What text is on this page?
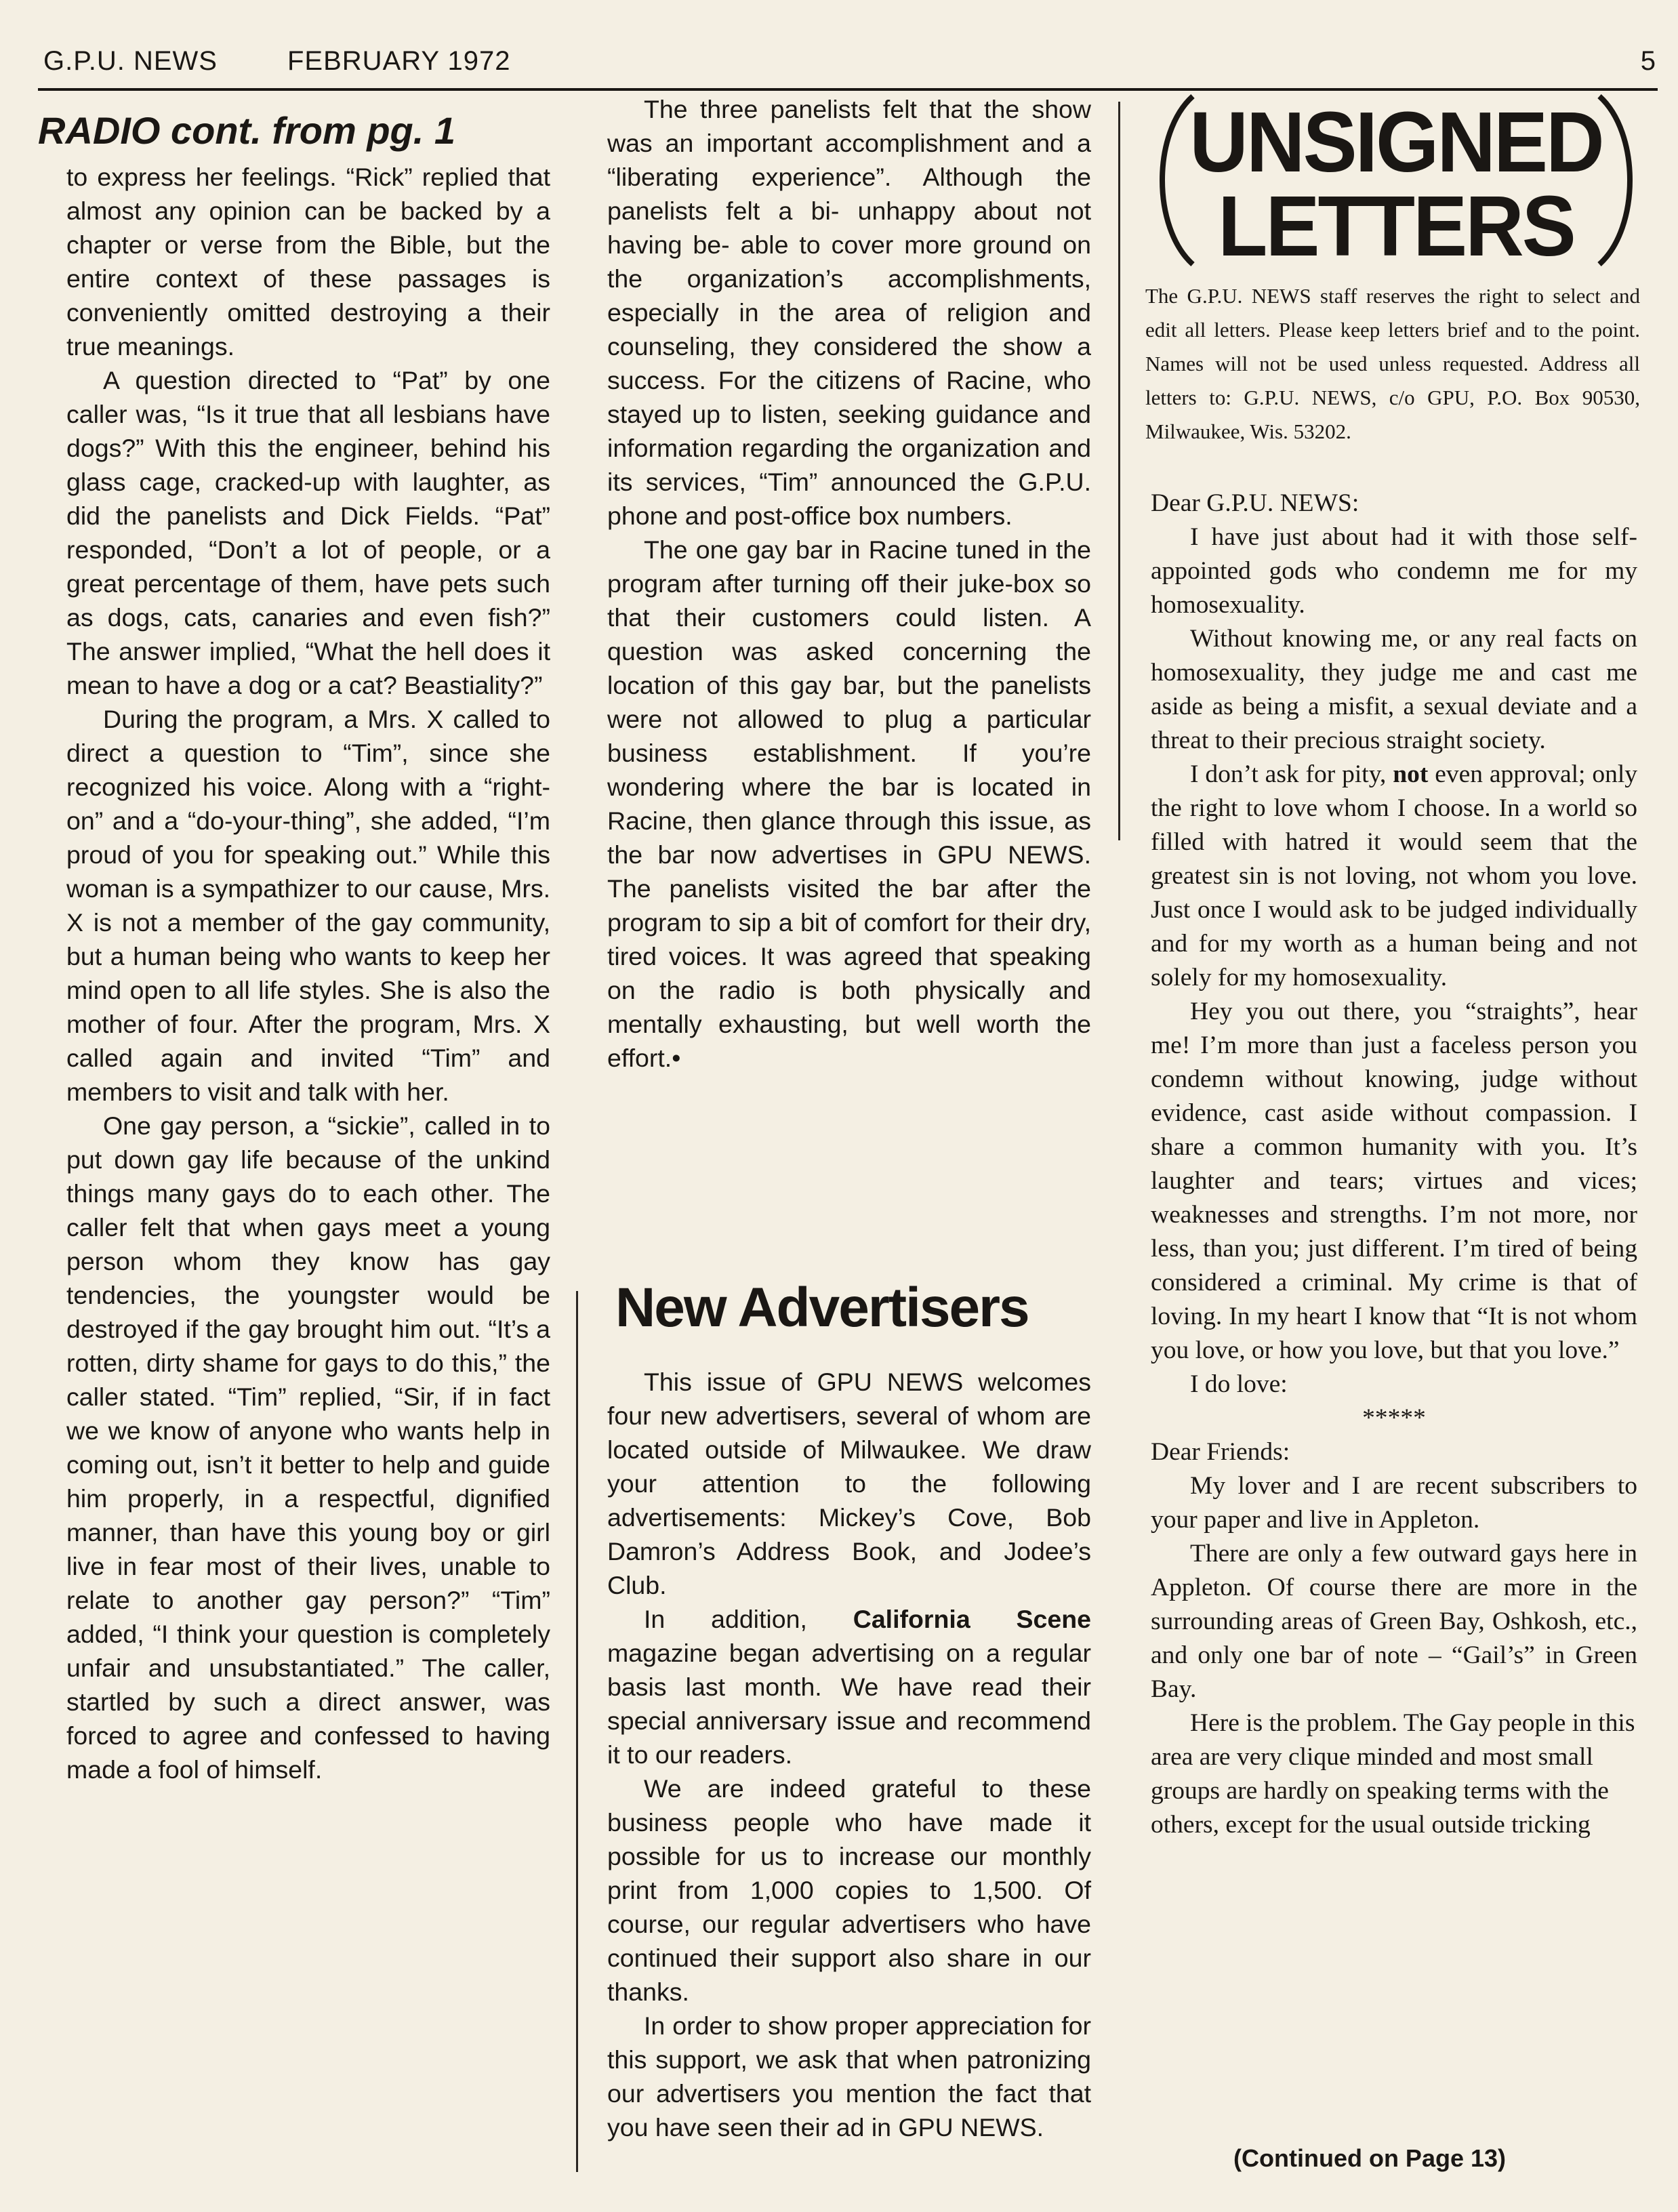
G.P.U. NEWS	FEBRUARY 1972	5
RADIO cont. from pg. 1

to express her feelings. “Rick” replied that almost any opinion can be backed by a chapter or verse from the Bible, but the entire context of these passages is conveniently omitted destroying a their true meanings.

A question directed to “Pat” by one caller was, “Is it true that all lesbians have dogs?” With this the engineer, behind his glass cage, cracked-up with laughter, as did the panelists and Dick Fields. “Pat” responded, “Don’t a lot of people, or a great percentage of them, have pets such as dogs, cats, canaries and even fish?” The answer implied, “What the hell does it mean to have a dog or a cat? Beastiality?”

During the program, a Mrs. X called to direct a question to “Tim”, since she recognized his voice. Along with a “right-on” and a “do-your-thing”, she added, “I’m proud of you for speaking out.” While this woman is a sympathizer to our cause, Mrs. X is not a member of the gay community, but a human being who wants to keep her mind open to all life styles. She is also the mother of four. After the program, Mrs. X called again and invited “Tim” and members to visit and talk with her.

One gay person, a “sickie”, called in to put down gay life because of the unkind things many gays do to each other. The caller felt that when gays meet a young person whom they know has gay tendencies, the youngster would be destroyed if the gay brought him out. “It’s a rotten, dirty shame for gays to do this,” the caller stated. “Tim” replied, “Sir, if in fact we we know of anyone who wants help in coming out, isn’t it better to help and guide him properly, in a respectful, dignified manner, than have this young boy or girl live in fear most of their lives, unable to relate to another gay person?” “Tim” added, “I think your question is completely unfair and unsubstantiated.” The caller, startled by such a direct answer, was forced to agree and confessed to having made a fool of himself.

The three panelists felt that the show was an important accomplishment and a “liberating experience”. Although the panelists felt a bi- unhappy about not having be- able to cover more ground on the organization’s accomplishments, especially in the area of religion and counseling, they considered the show a success. For the citizens of Racine, who stayed up to listen, seeking guidance and information regarding the organization and its services, “Tim” announced the G.P.U. phone and post-office box numbers.

The one gay bar in Racine tuned in the program after turning off their juke-box so that their customers could listen. A question was asked concerning the location of this gay bar, but the panelists were not allowed to plug a particular business establishment. If you’re wondering where the bar is located in Racine, then glance through this issue, as the bar now advertises in GPU NEWS. The panelists visited the bar after the program to sip a bit of comfort for their dry, tired voices. It was agreed that speaking on the radio is both physically and mentally exhausting, but well worth the effort.•

New Advertisers

This issue of GPU NEWS welcomes four new advertisers, several of whom are located outside of Milwaukee. We draw your attention to the following advertisements: Mickey’s Cove, Bob Damron’s Address Book, and Jodee’s Club.

In addition, California Scene magazine began advertising on a regular basis last month. We have read their special anniversary issue and recommend it to our readers.

We are indeed grateful to these business people who have made it possible for us to increase our monthly print from 1,000 copies to 1,500. Of course, our regular advertisers who have continued their support also share in our thanks.

In order to show proper appreciation for this support, we ask that when patronizing our advertisers you mention the fact that you have seen their ad in GPU NEWS.

UNSIGNED
LETTERS
The G.P.U. NEWS staff reserves the right to select and edit all letters. Please keep letters brief and to the point. Names will not be used unless requested. Address all letters to: G.P.U. NEWS, c/o GPU, P.O. Box 90530, Milwaukee, Wis. 53202.

Dear G.P.U. NEWS:

I have just about had it with those self-appointed gods who condemn me for my homosexuality.

Without knowing me, or any real facts on homosexuality, they judge me and cast me aside as being a misfit, a sexual deviate and a threat to their precious straight society.

I don’t ask for pity, not even approval; only the right to love whom I choose. In a world so filled with hatred it would seem that the greatest sin is not loving, not whom you love. Just once I would ask to be judged individually and for my worth as a human being and not solely for my homosexuality.

Hey you out there, you “straights”, hear me! I’m more than just a faceless person you condemn without knowing, judge without evidence, cast aside without compassion. I share a common humanity with you. It’s laughter and tears; virtues and vices; weaknesses and strengths. I’m not more, nor less, than you; just different. I’m tired of being considered a criminal. My crime is that of loving. In my heart I know that “It is not whom you love, or how you love, but that you love.”

I do love:

*****

Dear Friends:

My lover and I are recent subscribers to your paper and live in Appleton.

There are only a few outward gays here in Appleton. Of course there are more in the surrounding areas of Green Bay, Oshkosh, etc., and only one bar of note – “Gail’s” in Green Bay.

Here is the problem. The Gay people in this area are very clique minded and most small groups are hardly on speaking terms with the others, except for the usual outside tricking

(Continued on Page 13)
